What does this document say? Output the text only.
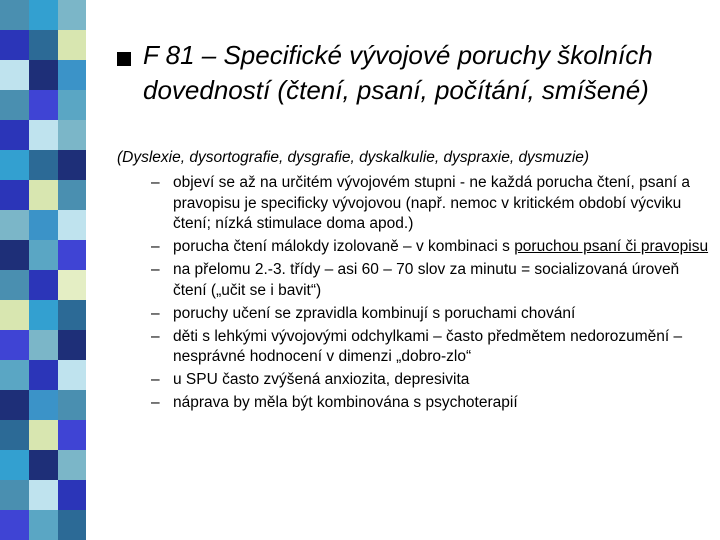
F 81 – Specifické vývojové poruchy školních dovedností (čtení, psaní, počítání, smíšené)

(Dyslexie, dysortografie, dysgrafie, dyskalkulie, dyspraxie, dysmuzie)

– objeví se až na určitém vývojovém stupni - ne každá porucha čtení, psaní a pravopisu je specificky vývojovou (např. nemoc v kritickém období výcviku čtení; nízká stimulace doma apod.)
– porucha čtení málokdy izolovaně – v kombinaci s poruchou psaní či pravopisu
– na přelomu 2.-3. třídy – asi 60 – 70 slov za minutu = socializovaná úroveň čtení („učit se i bavit“)
– poruchy učení se zpravidla kombinují s poruchami chování
– děti s lehkými vývojovými odchylkami – často předmětem nedorozumění – nesprávné hodnocení v dimenzi „dobro-zlo“
– u SPU často zvýšená anxiozita, depresivita
– náprava by měla být kombinována s psychoterapií
